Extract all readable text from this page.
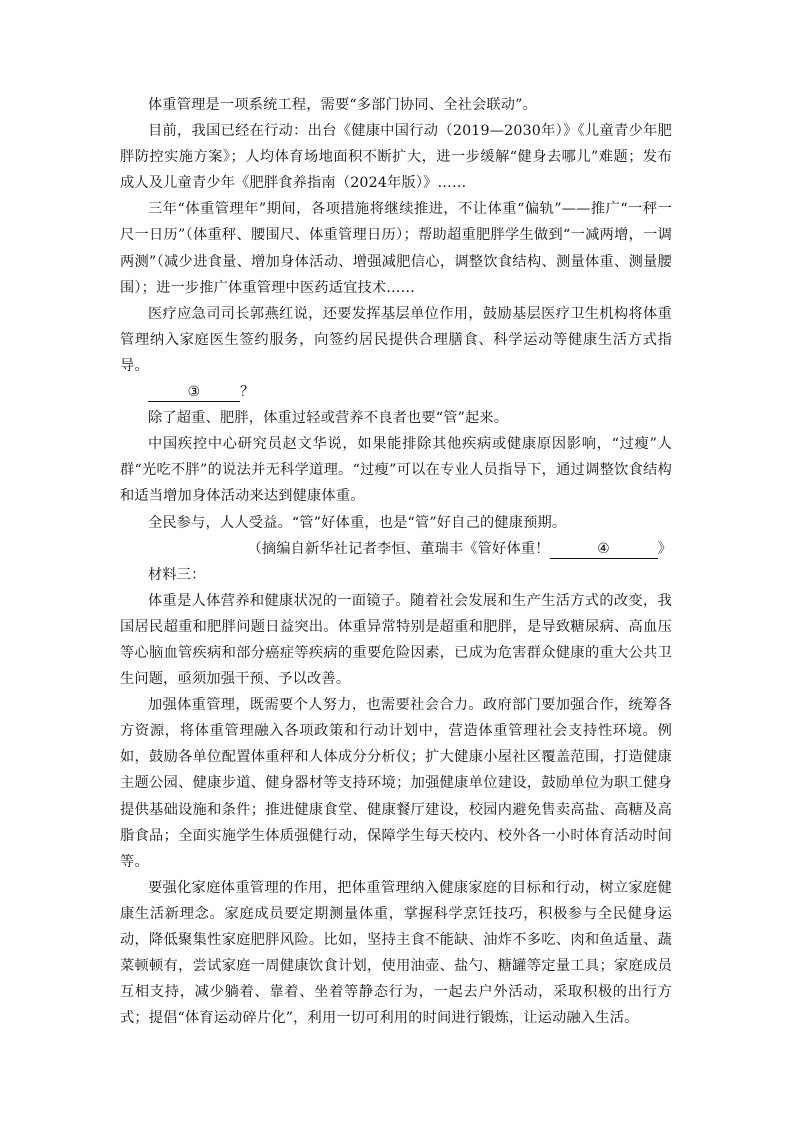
体重管理是一项系统工程，需要“多部门协同、全社会联动”。

目前，我国已经在行动：出台《健康中国行动（2019—2030年）》《儿童青少年肥胖防控实施方案》；人均体育场地面积不断扩大，进一步缓解“健身去哪儿”难题；发布成人及儿童青少年《肥胖食养指南（2024年版）》……

三年“体重管理年”期间，各项措施将继续推进，不让体重“偏轨”——推广“一秤一尺一日历”（体重秤、腰围尺、体重管理日历）；帮助超重肥胖学生做到“一减两增，一调两测”（减少进食量、增加身体活动、增强减肥信心，调整饮食结构、测量体重、测量腰围）；进一步推广体重管理中医药适宜技术……

医疗应急司司长郭燕红说，还要发挥基层单位作用，鼓励基层医疗卫生机构将体重管理纳入家庭医生签约服务，向签约居民提供合理膳食、科学运动等健康生活方式指导。

③	？

除了超重、肥胖，体重过轻或营养不良者也要“管”起来。

中国疾控中心研究员赵文华说，如果能排除其他疾病或健康原因影响，“过瘦”人群“光吃不胖”的说法并无科学道理。“过瘦”可以在专业人员指导下，通过调整饮食结构和适当增加身体活动来达到健康体重。

全民参与，人人受益。“管”好体重，也是“管”好自己的健康预期。

（摘编自新华社记者李恒、董瑞丰《管好体重！	④	》

材料三：

体重是人体营养和健康状况的一面镜子。随着社会发展和生产生活方式的改变，我国居民超重和肥胖问题日益突出。体重异常特别是超重和肥胖，是导致糖尿病、高血压等心脑血管疾病和部分癌症等疾病的重要危险因素，已成为危害群众健康的重大公共卫生问题，亟须加强干预、予以改善。

加强体重管理，既需要个人努力，也需要社会合力。政府部门要加强合作，统筹各方资源，将体重管理融入各项政策和行动计划中，营造体重管理社会支持性环境。例如，鼓励各单位配置体重秤和人体成分分析仪；扩大健康小屋社区覆盖范围，打造健康主题公园、健康步道、健身器材等支持环境；加强健康单位建设，鼓励单位为职工健身提供基础设施和条件；推进健康食堂、健康餐厅建设，校园内避免售卖高盐、高糖及高脂食品；全面实施学生体质强健行动，保障学生每天校内、校外各一小时体育活动时间等。

要强化家庭体重管理的作用，把体重管理纳入健康家庭的目标和行动，树立家庭健康生活新理念。家庭成员要定期测量体重，掌握科学烹饪技巧，积极参与全民健身运动，降低聚集性家庭肥胖风险。比如，坚持主食不能缺、油炸不多吃、肉和鱼适量、蔬菜顿顿有，尝试家庭一周健康饮食计划，使用油壶、盐勺、糖罐等定量工具；家庭成员互相支持，减少躺着、靠着、坐着等静态行为，一起去户外活动，采取积极的出行方式；提倡“体育运动碎片化”，利用一切可利用的时间进行锻炼，让运动融入生活。
